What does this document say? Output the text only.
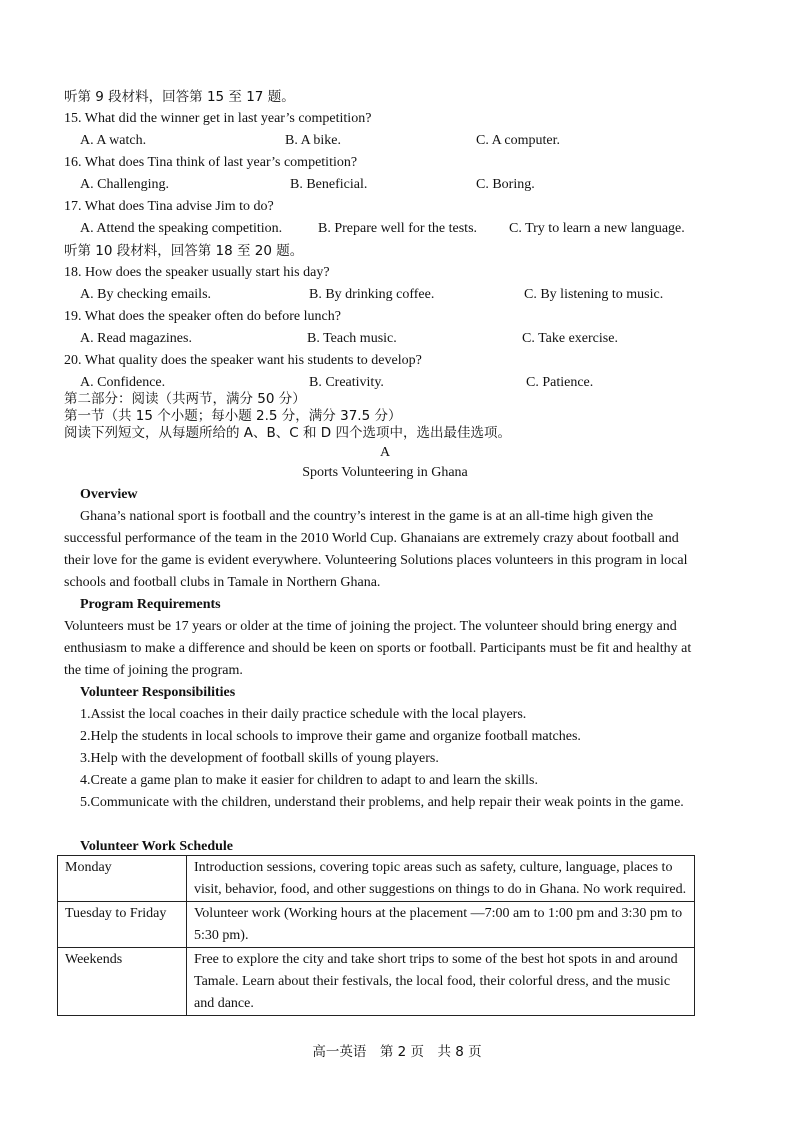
听第 9 段材料，回答第 15 至 17 题。
15. What did the winner get in last year’s competition?
A. A watch.	B. A bike.	C. A computer.
16. What does Tina think of last year’s competition?
A. Challenging.	B. Beneficial.	C. Boring.
17. What does Tina advise Jim to do?
A. Attend the speaking competition.	B. Prepare well for the tests. C. Try to learn a new language.
听第 10 段材料，回答第 18 至 20 题。
18. How does the speaker usually start his day?
A. By checking emails.	B. By drinking coffee.	C. By listening to music.
19. What does the speaker often do before lunch?
A. Read magazines.	B. Teach music.	C. Take exercise.
20. What quality does the speaker want his students to develop?
A. Confidence.	B. Creativity.	C. Patience.
第二部分：阅读（共两节，满分 50 分）
第一节（共 15 个小题；每小题 2.5 分，满分 37.5 分）
阅读下列短文，从每题所给的 A、B、C 和 D 四个选项中，选出最佳选项。
A
Sports Volunteering in Ghana
Overview
Ghana’s national sport is football and the country’s interest in the game is at an all-time high given the successful performance of the team in the 2010 World Cup. Ghanaians are extremely crazy about football and their love for the game is evident everywhere. Volunteering Solutions places volunteers in this program in local schools and football clubs in Tamale in Northern Ghana.
Program Requirements
Volunteers must be 17 years or older at the time of joining the project. The volunteer should bring energy and enthusiasm to make a difference and should be keen on sports or football. Participants must be fit and healthy at the time of joining the program.
Volunteer Responsibilities
1.Assist the local coaches in their daily practice schedule with the local players.
2.Help the students in local schools to improve their game and organize football matches.
3.Help with the development of football skills of young players.
4.Create a game plan to make it easier for children to adapt to and learn the skills.
5.Communicate with the children, understand their problems, and help repair their weak points in the game.
Volunteer Work Schedule
Monday	Introduction sessions, covering topic areas such as safety, culture, language, places to visit, behavior, food, and other suggestions on things to do in Ghana. No work required.
Tuesday to Friday	Volunteer work (Working hours at the placement —7:00 am to 1:00 pm and 3:30 pm to 5:30 pm).
Weekends	Free to explore the city and take short trips to some of the best hot spots in and around Tamale. Learn about their festivals, the local food, their colorful dress, and the music and dance.
高一英语　第 2 页　共 8 页
